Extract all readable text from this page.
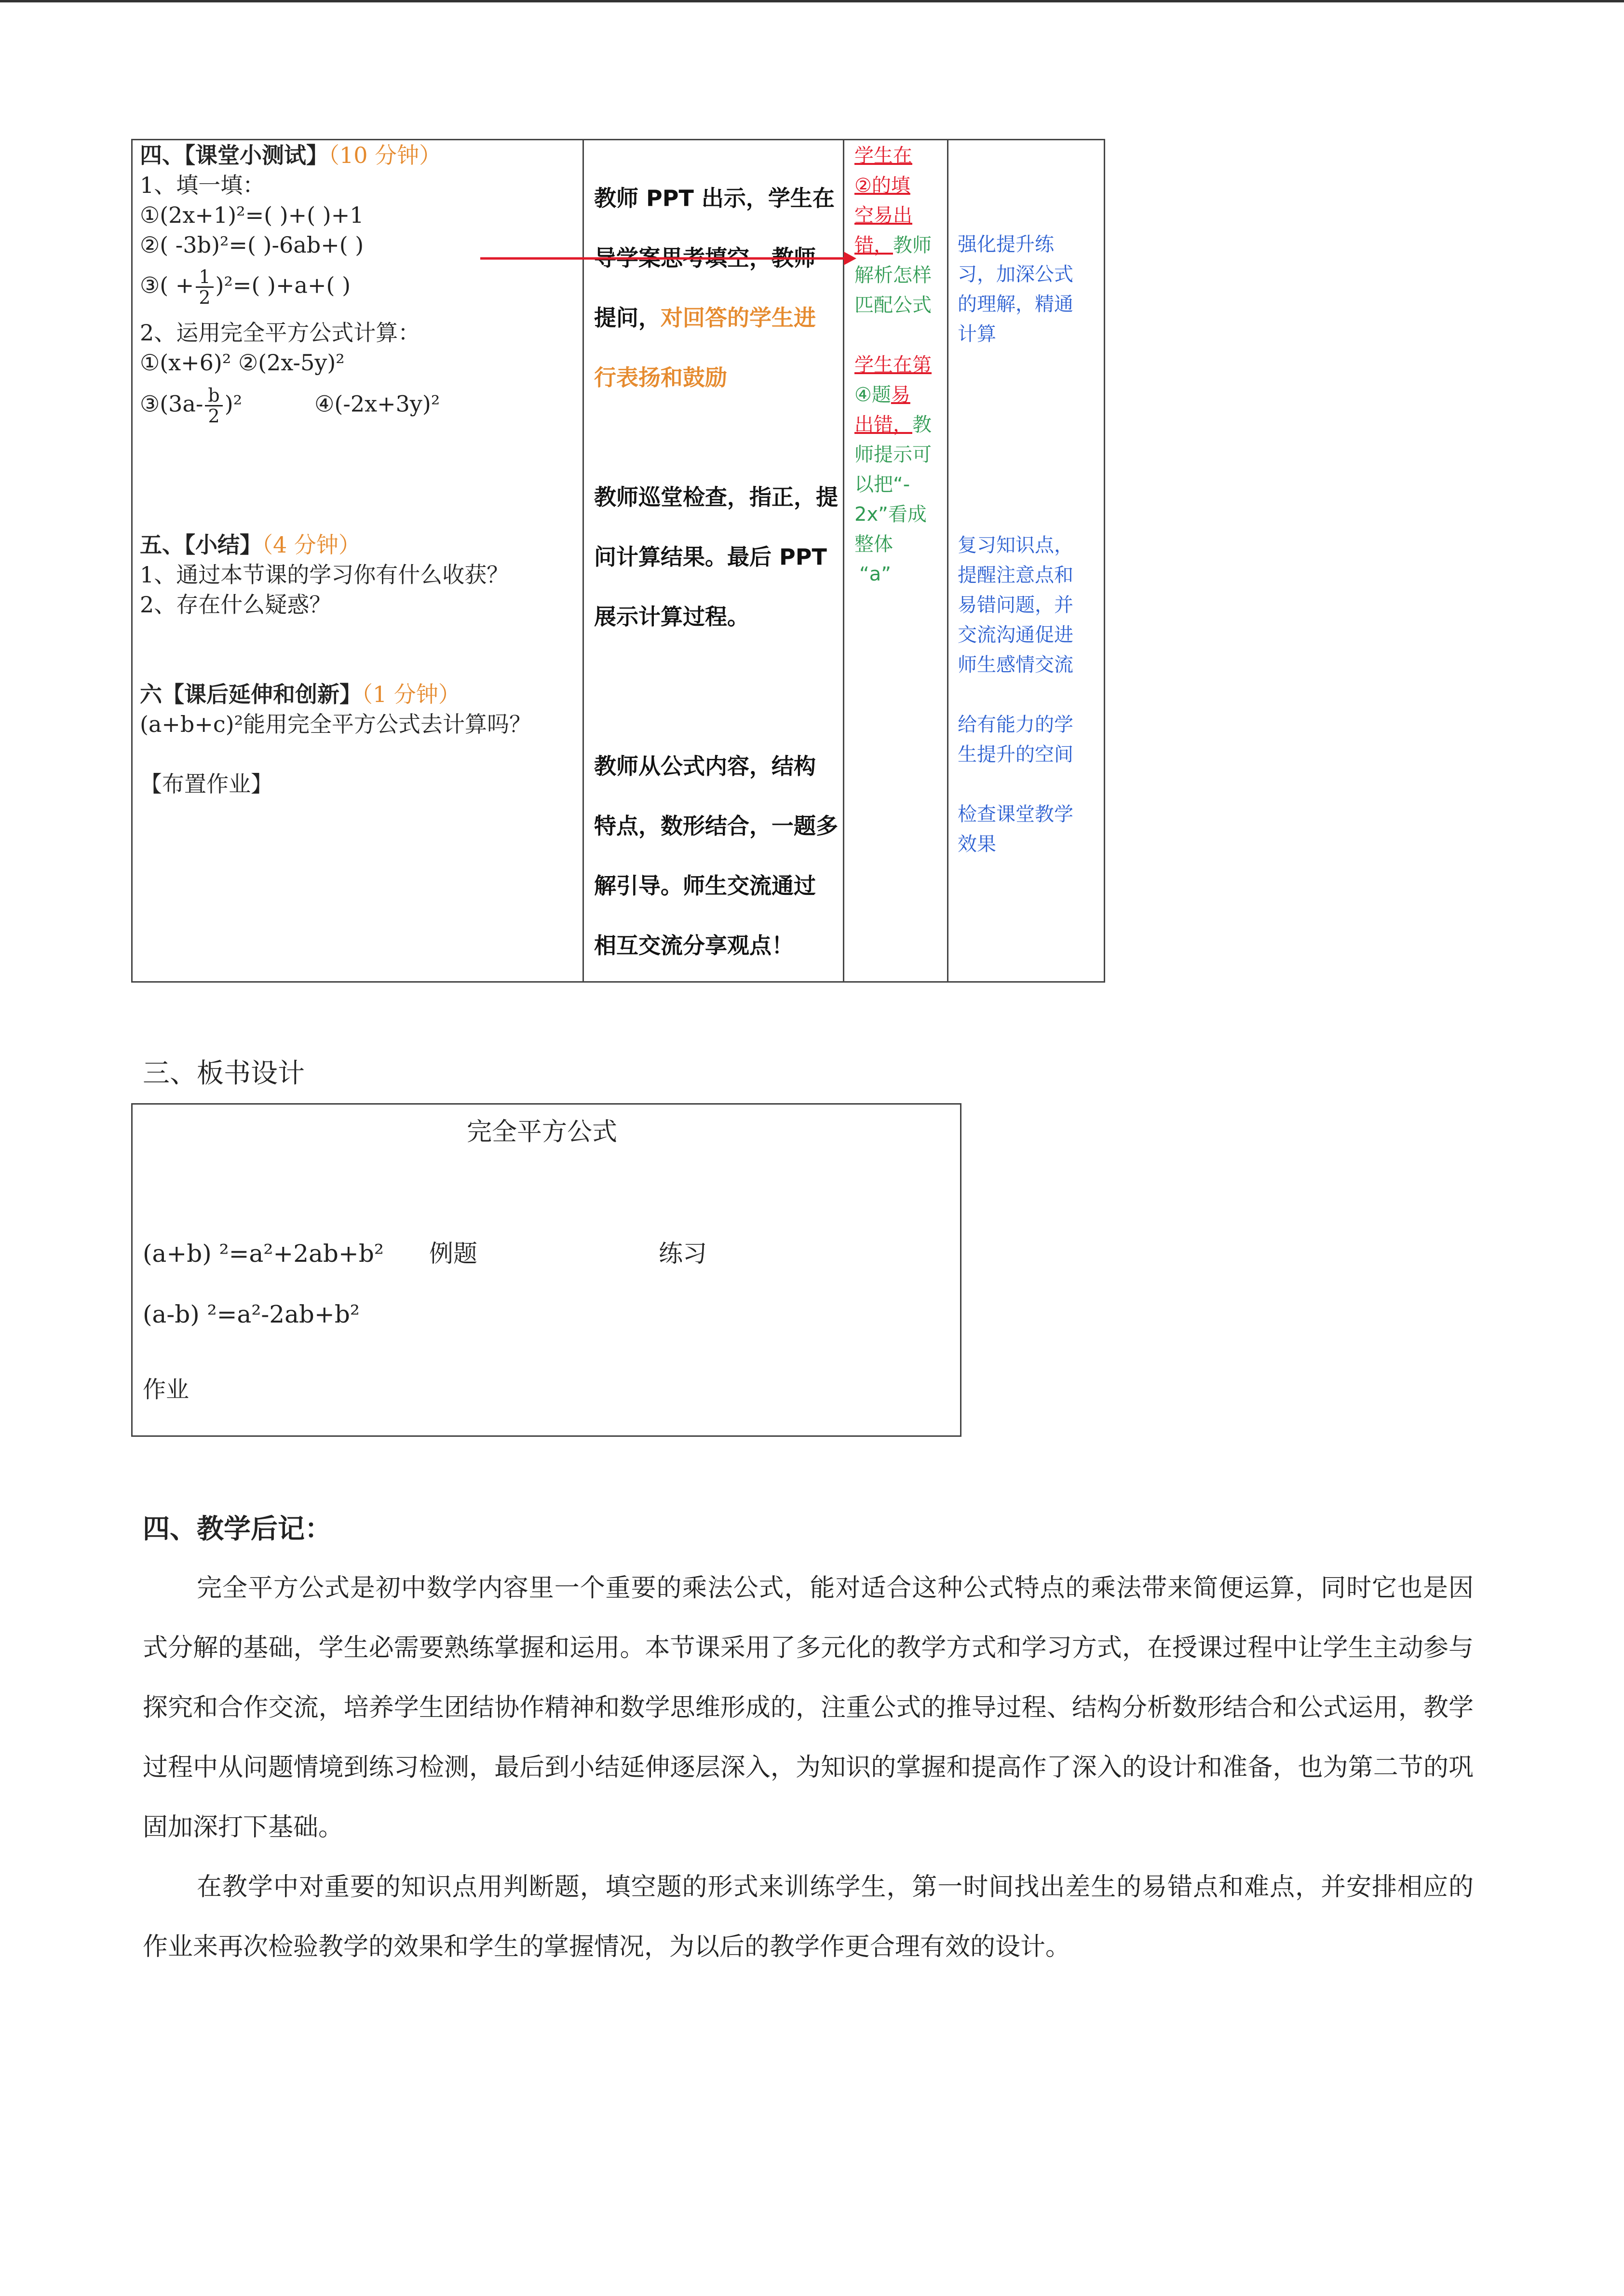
四、【课堂小测试】（10 分钟）
1、填一填：
①(2x+1)²=( )+( )+1
②( -3b)²=( )-6ab+( )
③( + $\frac{1}{2} )^2=$( )+a+( )
2、运用完全平方公式计算：
①(x+6)² ②(2x-5y)²
③(3a- $\frac{b}{2} )^2$	④(-2x+3y)²
五、【小结】（4 分钟）
1、通过本节课的学习你有什么收获？
2、存在什么疑惑？
六【课后延伸和创新】（1 分钟）
(a+b+c)²能用完全平方公式去计算吗？
【布置作业】
教师 PPT 出示，学生在
导学案思考填空，教师
提问，对回答的学生进
行表扬和鼓励
教师巡堂检查，指正，提
问计算结果。最后 PPT
展示计算过程。
教师从公式内容，结构
特点，数形结合，一题多
解引导。师生交流通过
相互交流分享观点！
学生在
②的填
空易出
错，教师
解析怎样
匹配公式
学生在第
④题易
出错，教
师提示可
以把“-
2x”看成
整体
“a”
强化提升练
习，加深公式
的理解，精通
计算
复习知识点，
提醒注意点和
易错问题，并
交流沟通促进
师生感情交流
给有能力的学
生提升的空间
检查课堂教学
效果
三、板书设计
完全平方公式
(a+b) ²=a²+2ab+b² 例题	练习
(a-b) ²=a²-2ab+b²
作业
四、教学后记：
完全平方公式是初中数学内容里一个重要的乘法公式，能对适合这种公式特点的乘法带来简便运算，同时它也是因式分解的基础，学生必需要熟练掌握和运用。本节课采用了多元化的教学方式和学习方式，在授课过程中让学生主动参与探究和合作交流，培养学生团结协作精神和数学思维形成的，注重公式的推导过程、结构分析数形结合和公式运用，教学过程中从问题情境到练习检测，最后到小结延伸逐层深入，为知识的掌握和提高作了深入的设计和准备，也为第二节的巩固加深打下基础。
在教学中对重要的知识点用判断题，填空题的形式来训练学生，第一时间找出差生的易错点和难点，并安排相应的作业来再次检验教学的效果和学生的掌握情况，为以后的教学作更合理有效的设计。
